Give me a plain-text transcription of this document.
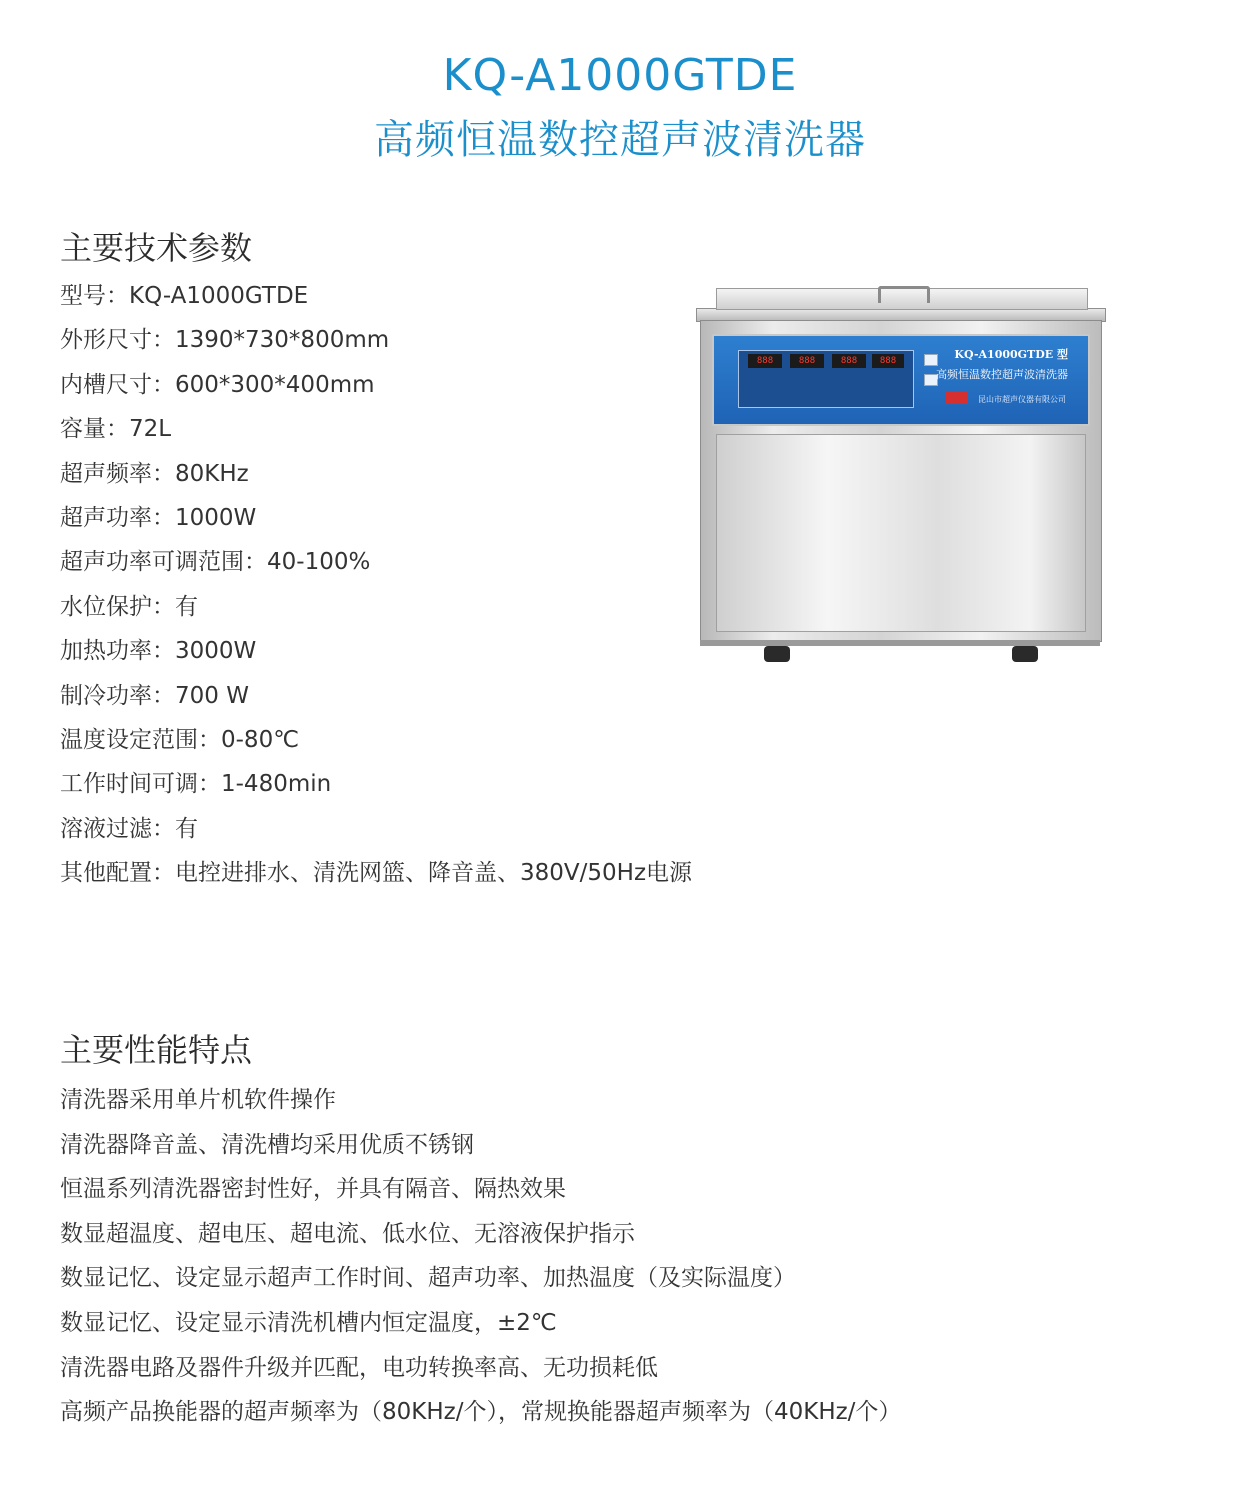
KQ-A1000GTDE
高频恒温数控超声波清洗器
主要技术参数
型号：KQ-A1000GTDE
外形尺寸：1390*730*800mm
内槽尺寸：600*300*400mm
容量：72L
超声频率：80KHz
超声功率：1000W
超声功率可调范围：40-100%
水位保护：有
加热功率：3000W
制冷功率：700 W
温度设定范围：0-80℃
工作时间可调：1-480min
溶液过滤：有
其他配置：电控进排水、清洗网篮、降音盖、380V/50Hz电源
888	888	888	888	KQ-A1000GTDE 型
高频恒温数控超声波清洗器
昆山市超声仪器有限公司
主要性能特点
清洗器采用单片机软件操作
清洗器降音盖、清洗槽均采用优质不锈钢
恒温系列清洗器密封性好，并具有隔音、隔热效果
数显超温度、超电压、超电流、低水位、无溶液保护指示
数显记忆、设定显示超声工作时间、超声功率、加热温度（及实际温度）
数显记忆、设定显示清洗机槽内恒定温度，±2℃
清洗器电路及器件升级并匹配，电功转换率高、无功损耗低
高频产品换能器的超声频率为（80KHz/个），常规换能器超声频率为（40KHz/个）
